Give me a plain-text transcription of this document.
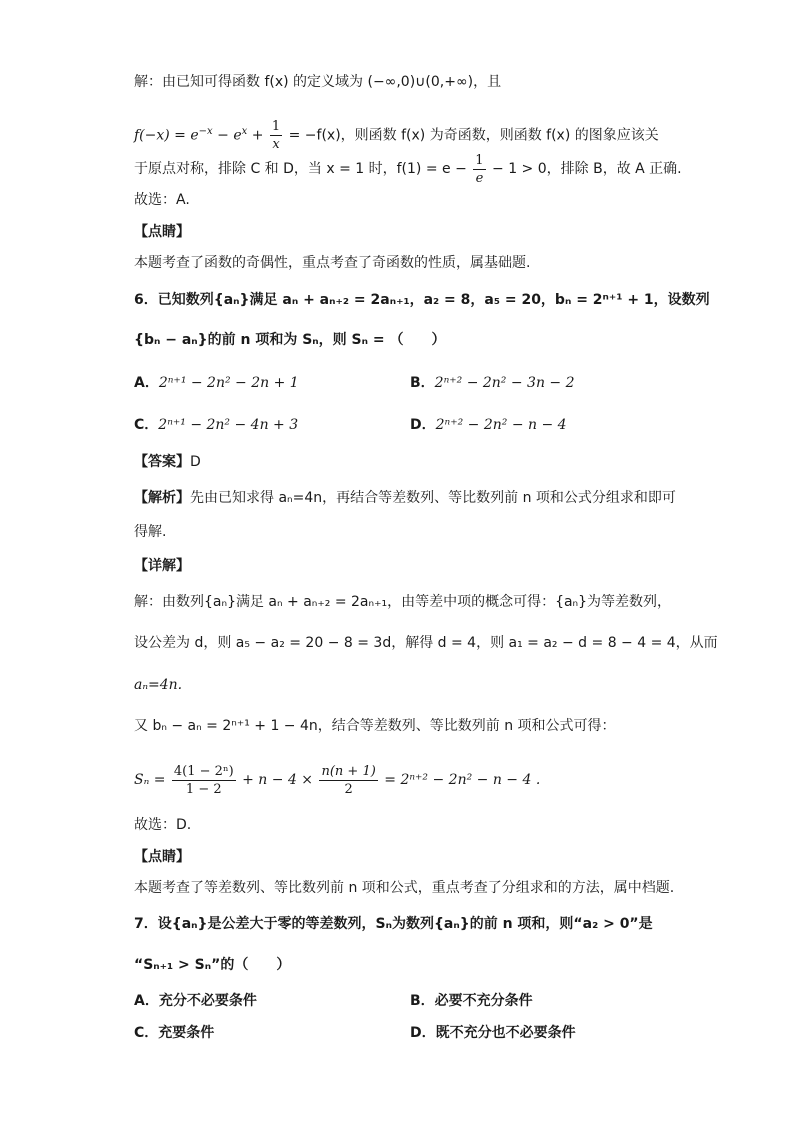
解：由已知可得函数 f(x) 的定义域为 (−∞,0)∪(0,+∞)，且
$f(-x) = e^{-x} - e^x + \frac{1}{x} = -f(x)$，则函数 f(x) 为奇函数，则函数 f(x) 的图象应该关
于原点对称，排除 C 和 D，当 x = 1 时，$f(1) = e - \frac{1}{e} - 1 > 0$，排除 B，故 A 正确.
故选：A.
【点睛】
本题考查了函数的奇偶性，重点考查了奇函数的性质，属基础题.
6．已知数列{aₙ}满足 aₙ + aₙ₊₂ = 2aₙ₊₁，a₂ = 8，a₅ = 20，bₙ = 2ⁿ⁺¹ + 1，设数列
{bₙ − aₙ}的前 n 项和为 Sₙ，则 Sₙ = （　　）
A．2ⁿ⁺¹ − 2n² − 2n + 1	B．2ⁿ⁺² − 2n² − 3n − 2
C．2ⁿ⁺¹ − 2n² − 4n + 3	D．2ⁿ⁺² − 2n² − n − 4
【答案】D
【解析】先由已知求得 aₙ=4n，再结合等差数列、等比数列前 n 项和公式分组求和即可
得解.
【详解】
解：由数列{aₙ}满足 aₙ + aₙ₊₂ = 2aₙ₊₁，由等差中项的概念可得：{aₙ}为等差数列，
设公差为 d，则 a₅ − a₂ = 20 − 8 = 3d，解得 d = 4，则 a₁ = a₂ − d = 8 − 4 = 4，从而
aₙ=4n.
又 bₙ − aₙ = 2ⁿ⁺¹ + 1 − 4n，结合等差数列、等比数列前 n 项和公式可得：
$S_n = \frac{\text{4(1 − 2ⁿ)}}{1 - 2} + n - 4 \times \frac{n(n + 1)}{2} = 2^{n+2} - 2n^2 - n - 4$ .
故选：D.
【点睛】
本题考查了等差数列、等比数列前 n 项和公式，重点考查了分组求和的方法，属中档题.
7．设{aₙ}是公差大于零的等差数列，Sₙ为数列{aₙ}的前 n 项和，则“a₂ > 0”是
“Sₙ₊₁ > Sₙ”的（　　）
A．充分不必要条件	B．必要不充分条件
C．充要条件	D．既不充分也不必要条件
